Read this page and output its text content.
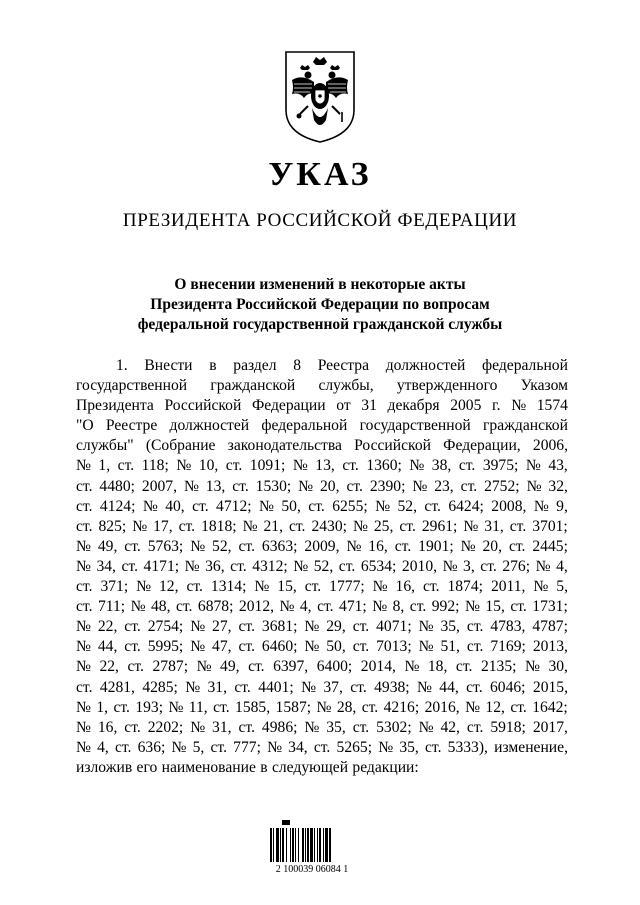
УКАЗ
ПРЕЗИДЕНТА РОССИЙСКОЙ ФЕДЕРАЦИИ
О внесении изменений в некоторые акты
Президента Российской Федерации по вопросам
федеральной государственной гражданской службы
1. Внести в раздел 8 Реестра должностей федеральной
государственной гражданской службы, утвержденного Указом
Президента Российской Федерации от 31 декабря 2005 г. № 1574
"О Реестре должностей федеральной государственной гражданской
службы" (Собрание законодательства Российской Федерации, 2006,
№ 1, ст. 118; № 10, ст. 1091; № 13, ст. 1360; № 38, ст. 3975; № 43,
ст. 4480; 2007, № 13, ст. 1530; № 20, ст. 2390; № 23, ст. 2752; № 32,
ст. 4124; № 40, ст. 4712; № 50, ст. 6255; № 52, ст. 6424; 2008, № 9,
ст. 825; № 17, ст. 1818; № 21, ст. 2430; № 25, ст. 2961; № 31, ст. 3701;
№ 49, ст. 5763; № 52, ст. 6363; 2009, № 16, ст. 1901; № 20, ст. 2445;
№ 34, ст. 4171; № 36, ст. 4312; № 52, ст. 6534; 2010, № 3, ст. 276; № 4,
ст. 371; № 12, ст. 1314; № 15, ст. 1777; № 16, ст. 1874; 2011, № 5,
ст. 711; № 48, ст. 6878; 2012, № 4, ст. 471; № 8, ст. 992; № 15, ст. 1731;
№ 22, ст. 2754; № 27, ст. 3681; № 29, ст. 4071; № 35, ст. 4783, 4787;
№ 44, ст. 5995; № 47, ст. 6460; № 50, ст. 7013; № 51, ст. 7169; 2013,
№ 22, ст. 2787; № 49, ст. 6397, 6400; 2014, № 18, ст. 2135; № 30,
ст. 4281, 4285; № 31, ст. 4401; № 37, ст. 4938; № 44, ст. 6046; 2015,
№ 1, ст. 193; № 11, ст. 1585, 1587; № 28, ст. 4216; 2016, № 12, ст. 1642;
№ 16, ст. 2202; № 31, ст. 4986; № 35, ст. 5302; № 42, ст. 5918; 2017,
№ 4, ст. 636; № 5, ст. 777; № 34, ст. 5265; № 35, ст. 5333), изменение,
изложив его наименование в следующей редакции:
2 100039 06084 1
